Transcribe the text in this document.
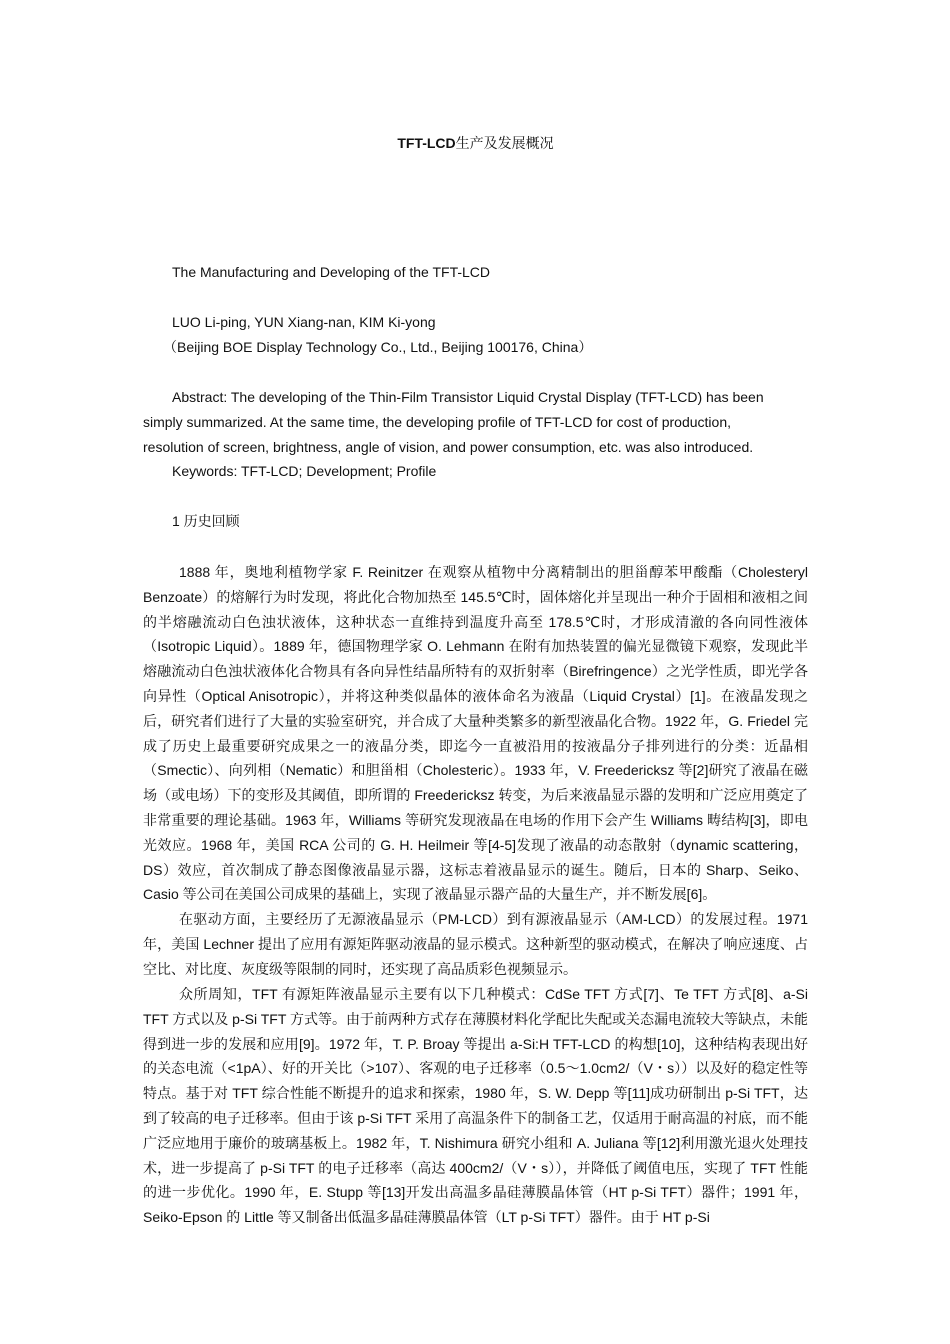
TFT-LCD生产及发展概况
The Manufacturing and Developing of the TFT-LCD
LUO Li-ping, YUN Xiang-nan, KIM Ki-yong
（Beijing BOE Display Technology Co., Ltd., Beijing 100176, China）
Abstract: The developing of the Thin-Film Transistor Liquid Crystal Display (TFT-LCD) has been
simply summarized. At the same time, the developing profile of TFT-LCD for cost of production,
resolution of screen, brightness, angle of vision, and power consumption, etc. was also introduced.
Keywords: TFT-LCD; Development; Profile
1 历史回顾

1888 年，奥地利植物学家 F. Reinitzer 在观察从植物中分离精制出的胆甾醇苯甲酸酯（Cholesteryl Benzoate）的熔解行为时发现，将此化合物加热至 145.5℃时，固体熔化并呈现出一种介于固相和液相之间的半熔融流动白色浊状液体，这种状态一直维持到温度升高至 178.5℃时，才形成清澈的各向同性液体（Isotropic Liquid）。1889 年，德国物理学家 O. Lehmann 在附有加热装置的偏光显微镜下观察，发现此半熔融流动白色浊状液体化合物具有各向异性结晶所特有的双折射率（Birefringence）之光学性质，即光学各向异性（Optical Anisotropic），并将这种类似晶体的液体命名为液晶（Liquid Crystal）[1]。在液晶发现之后，研究者们进行了大量的实验室研究，并合成了大量种类繁多的新型液晶化合物。1922 年，G. Friedel 完成了历史上最重要研究成果之一的液晶分类，即迄今一直被沿用的按液晶分子排列进行的分类：近晶相（Smectic）、向列相（Nematic）和胆甾相（Cholesteric）。1933 年，V. Freedericksz 等[2]研究了液晶在磁场（或电场）下的变形及其阈值，即所谓的 Freedericksz 转变，为后来液晶显示器的发明和广泛应用奠定了非常重要的理论基础。1963 年，Williams 等研究发现液晶在电场的作用下会产生 Williams 畴结构[3]，即电光效应。1968 年，美国 RCA 公司的 G. H. Heilmeir 等[4-5]发现了液晶的动态散射（dynamic scattering，DS）效应，首次制成了静态图像液晶显示器，这标志着液晶显示的诞生。随后，日本的 Sharp、Seiko、Casio 等公司在美国公司成果的基础上，实现了液晶显示器产品的大量生产，并不断发展[6]。

在驱动方面，主要经历了无源液晶显示（PM-LCD）到有源液晶显示（AM-LCD）的发展过程。1971 年，美国 Lechner 提出了应用有源矩阵驱动液晶的显示模式。这种新型的驱动模式，在解决了响应速度、占空比、对比度、灰度级等限制的同时，还实现了高品质彩色视频显示。

众所周知，TFT 有源矩阵液晶显示主要有以下几种模式：CdSe TFT 方式[7]、Te TFT 方式[8]、a-Si TFT 方式以及 p-Si TFT 方式等。由于前两种方式存在薄膜材料化学配比失配或关态漏电流较大等缺点，未能得到进一步的发展和应用[9]。1972 年，T. P. Broay 等提出 a-Si:H TFT-LCD 的构想[10]，这种结构表现出好的关态电流（<1pA）、好的开关比（>107）、客观的电子迁移率（0.5～1.0cm2/（V・s））以及好的稳定性等特点。基于对 TFT 综合性能不断提升的追求和探索，1980 年，S. W. Depp 等[11]成功研制出 p-Si TFT，达到了较高的电子迁移率。但由于该 p-Si TFT 采用了高温条件下的制备工艺，仅适用于耐高温的衬底，而不能广泛应地用于廉价的玻璃基板上。1982 年，T. Nishimura 研究小组和 A. Juliana 等[12]利用激光退火处理技术，进一步提高了 p-Si TFT 的电子迁移率（高达 400cm2/（V・s）），并降低了阈值电压，实现了 TFT 性能的进一步优化。1990 年，E. Stupp 等[13]开发出高温多晶硅薄膜晶体管（HT p-Si TFT）器件；1991 年，Seiko-Epson 的 Little 等又制备出低温多晶硅薄膜晶体管（LT p-Si TFT）器件。由于 HT p-Si
